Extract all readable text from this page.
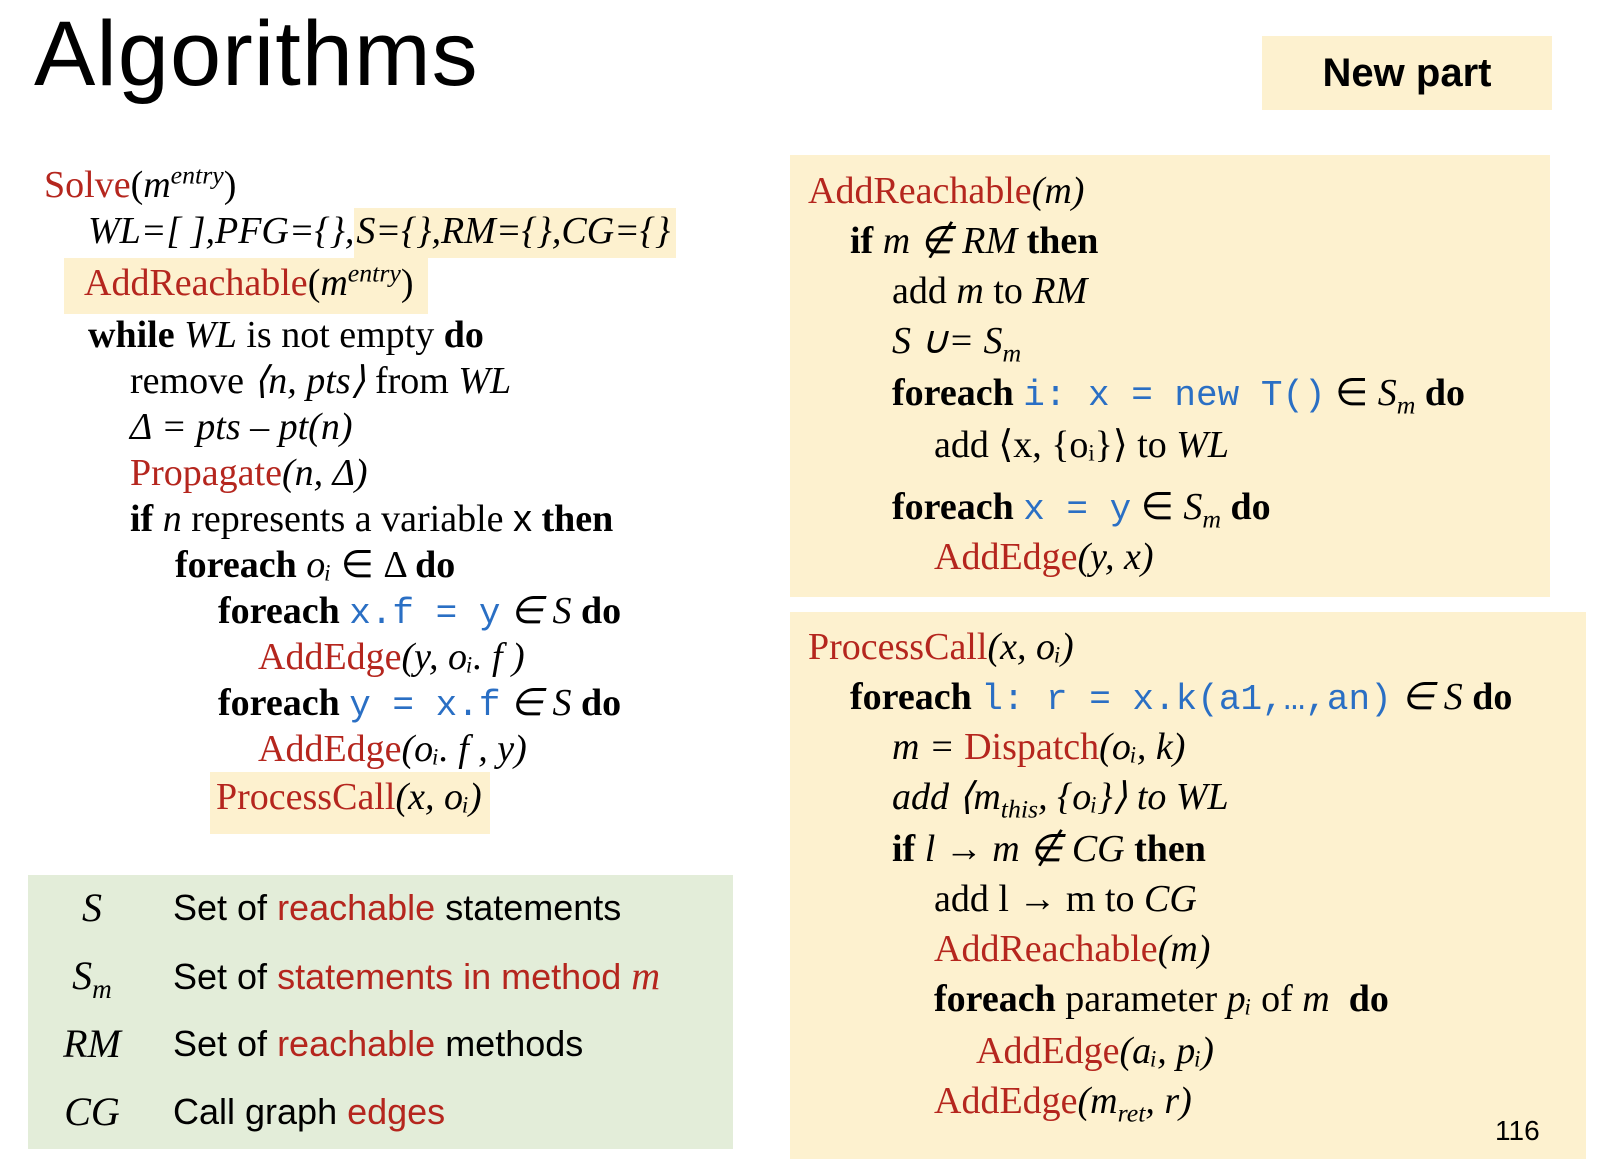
Algorithms	New part
$Solve(m^{entry})$
WL=[ ],PFG={},S={},RM={},CG={}
$AddReachable(m^{entry})$
while WL is not empty do
remove ⟨n, pts⟩ from WL
Δ = pts – pt(n)
Propagate(n, Δ)
if n represents a variable x then
foreach oᵢ ∈ Δ do
foreach x.f = y ∈ S do
AddEdge(y, oᵢ. f )
foreach y = x.f ∈ S do
AddEdge(oᵢ. f , y)
ProcessCall(x, oᵢ)
AddReachable(m)
if m ∉ RM then
add m to RM
S ∪= $S_m$
foreach i: x = new T() ∈ $S_m$ do
add ⟨x, {oᵢ}⟩ to WL
foreach x = y ∈ $S_m$ do
AddEdge(y, x)
ProcessCall(x, oᵢ)
foreach l: r = x.k(a1,…,an) ∈ S do
m = Dispatch(oᵢ, k)
add $⟨m_{this}$, {oᵢ}⟩ to WL
if l → m ∉ CG then
add l → m to CG
AddReachable(m)
foreach parameter pᵢ of m  do
AddEdge(aᵢ, pᵢ)
$AddEdge(m_{ret}$, r)
S	Set of reachable statements
$S_m$	Set of statements in method m
RM	Set of reachable methods
CG	Call graph edges	116
